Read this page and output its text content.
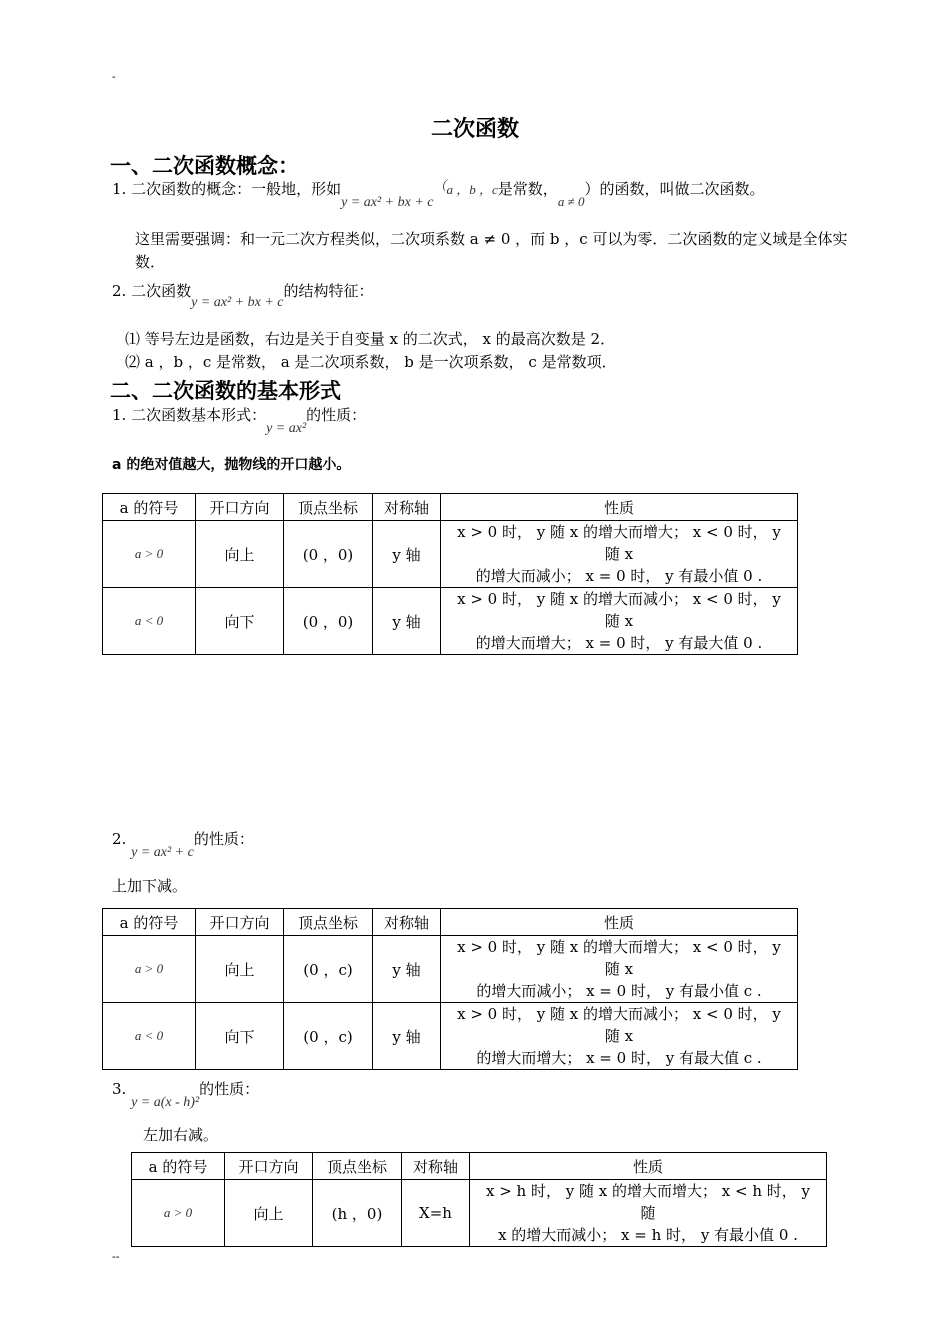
-
二次函数
一、二次函数概念：
1. 二次函数的概念：一般地，形如y = ax² + bx + c（a ，b ，c是常数，a ≠ 0）的函数，叫做二次函数。
这里需要强调：和一元二次方程类似，二次项系数 a ≠ 0 ，而 b ，c 可以为零．二次函数的定义域是全体实数．
2. 二次函数y = ax² + bx + c的结构特征：
⑴ 等号左边是函数，右边是关于自变量 x 的二次式， x 的最高次数是 2．
⑵ a ，b ，c 是常数， a 是二次项系数， b 是一次项系数， c 是常数项．
二、二次函数的基本形式
1. 二次函数基本形式：y = ax²的性质：
a 的绝对值越大，抛物线的开口越小。
a 的符号	开口方向	顶点坐标	对称轴	性质
a > 0	向上	(0 ，0)	y 轴	x > 0 时， y 随 x 的增大而增大； x < 0 时， y 随 x
的增大而减小； x = 0 时， y 有最小值 0 .

a < 0	向下	(0 ，0)	y 轴	x > 0 时， y 随 x 的增大而减小； x < 0 时， y 随 x
的增大而增大； x = 0 时， y 有最大值 0 .
2. y = ax² + c的性质：
上加下减。
a 的符号	开口方向	顶点坐标	对称轴	性质
a > 0	向上	(0 ，c)	y 轴	x > 0 时， y 随 x 的增大而增大； x < 0 时， y 随 x
的增大而减小； x = 0 时， y 有最小值 c .

a < 0	向下	(0 ，c)	y 轴	x > 0 时， y 随 x 的增大而减小； x < 0 时， y 随 x
的增大而增大； x = 0 时， y 有最大值 c .
3. y = a(x - h)²的性质：
左加右减。
a 的符号	开口方向	顶点坐标	对称轴	性质
a > 0	向上	(h ，0)	X=h	x > h 时， y 随 x 的增大而增大； x < h 时， y 随
x 的增大而减小； x = h 时， y 有最小值 0 .
--
